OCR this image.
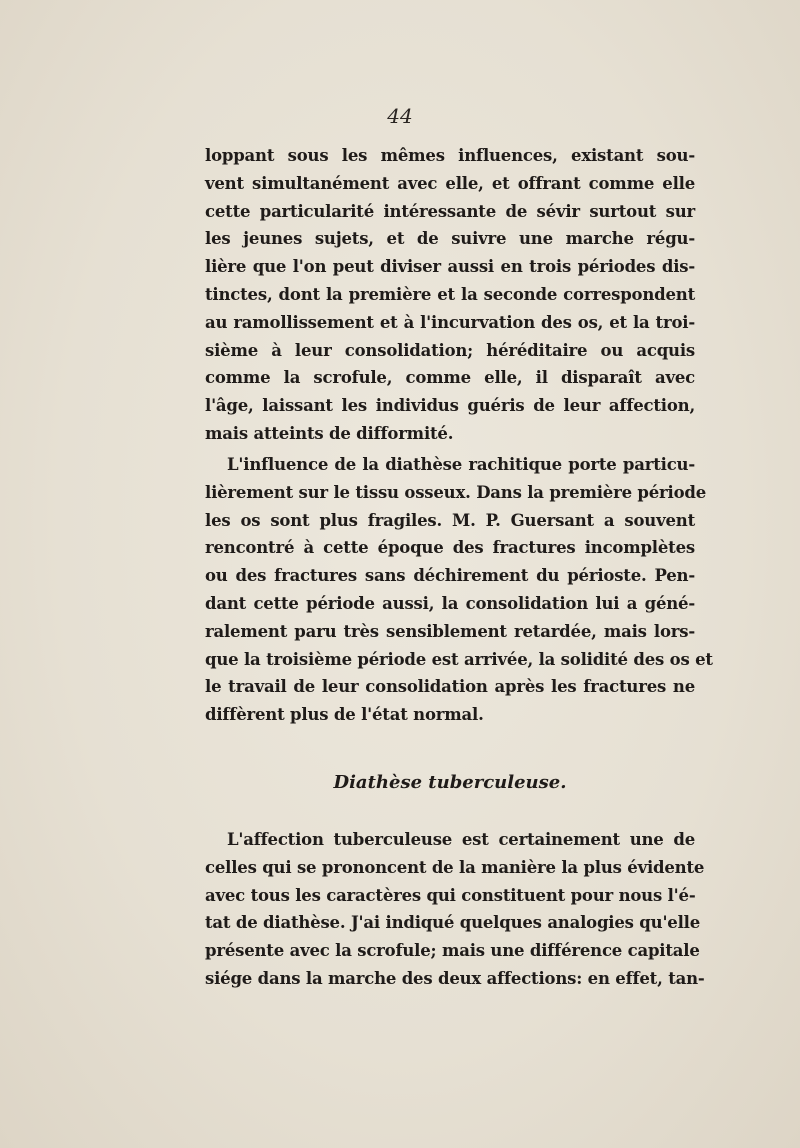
44
loppant sous les mêmes influences, existant sou-
vent simultanément avec elle, et offrant comme elle
cette particularité intéressante de sévir surtout sur
les jeunes sujets, et de suivre une marche régu-
lière que l'on peut diviser aussi en trois périodes dis-
tinctes, dont la première et la seconde correspondent
au ramollissement et à l'incurvation des os, et la troi-
sième à leur consolidation; héréditaire ou acquis
comme la scrofule, comme elle, il disparaît avec
l'âge, laissant les individus guéris de leur affection,
mais atteints de difformité.
L'influence de la diathèse rachitique porte particu-
lièrement sur le tissu osseux. Dans la première période
les os sont plus fragiles. M. P. Guersant a souvent
rencontré à cette époque des fractures incomplètes
ou des fractures sans déchirement du périoste. Pen-
dant cette période aussi, la consolidation lui a géné-
ralement paru très sensiblement retardée, mais lors-
que la troisième période est arrivée, la solidité des os et
le travail de leur consolidation après les fractures ne
diffèrent plus de l'état normal.
Diathèse tuberculeuse.
L'affection tuberculeuse est certainement une de
celles qui se prononcent de la manière la plus évidente
avec tous les caractères qui constituent pour nous l'é-
tat de diathèse. J'ai indiqué quelques analogies qu'elle
présente avec la scrofule; mais une différence capitale
siége dans la marche des deux affections: en effet, tan-
